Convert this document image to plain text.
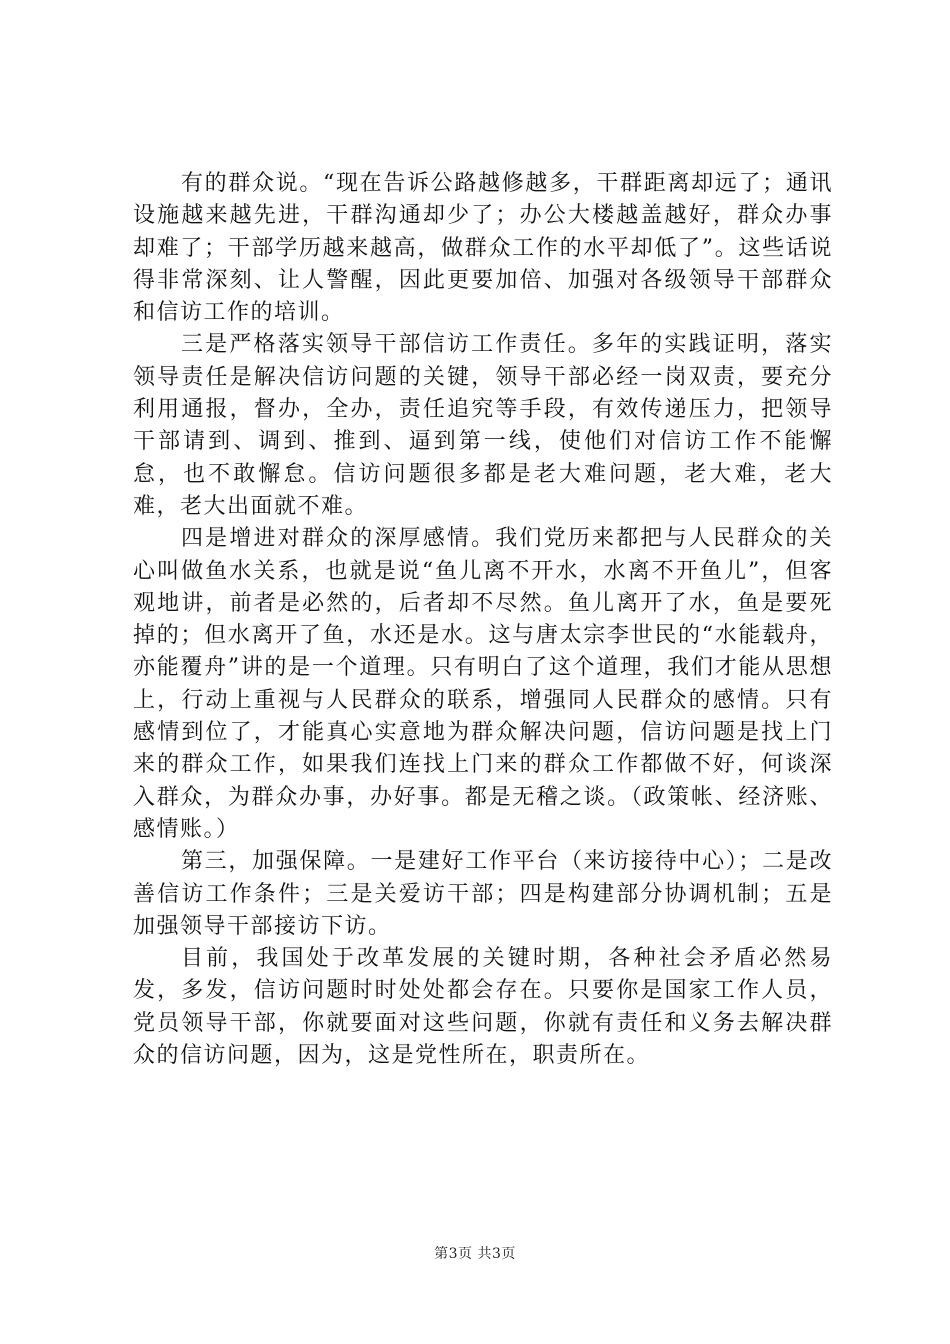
有的群众说。“现在告诉公路越修越多，干群距离却远了；通讯设施越来越先进，干群沟通却少了；办公大楼越盖越好，群众办事却难了；干部学历越来越高，做群众工作的水平却低了”。这些话说得非常深刻、让人警醒，因此更要加倍、加强对各级领导干部群众和信访工作的培训。

三是严格落实领导干部信访工作责任。多年的实践证明，落实领导责任是解决信访问题的关键，领导干部必经一岗双责，要充分利用通报，督办，全办，责任追究等手段，有效传递压力，把领导干部请到、调到、推到、逼到第一线，使他们对信访工作不能懈怠，也不敢懈怠。信访问题很多都是老大难问题，老大难，老大难，老大出面就不难。

四是增进对群众的深厚感情。我们党历来都把与人民群众的关心叫做鱼水关系，也就是说“鱼儿离不开水，水离不开鱼儿”，但客观地讲，前者是必然的，后者却不尽然。鱼儿离开了水，鱼是要死掉的；但水离开了鱼，水还是水。这与唐太宗李世民的“水能载舟，亦能覆舟”讲的是一个道理。只有明白了这个道理，我们才能从思想上，行动上重视与人民群众的联系，增强同人民群众的感情。只有感情到位了，才能真心实意地为群众解决问题，信访问题是找上门来的群众工作，如果我们连找上门来的群众工作都做不好，何谈深入群众，为群众办事，办好事。都是无稽之谈。（政策帐、经济账、感情账。）

第三，加强保障。一是建好工作平台（来访接待中心）；二是改善信访工作条件；三是关爱访干部；四是构建部分协调机制；五是加强领导干部接访下访。

目前，我国处于改革发展的关键时期，各种社会矛盾必然易发，多发，信访问题时时处处都会存在。只要你是国家工作人员，党员领导干部，你就要面对这些问题，你就有责任和义务去解决群众的信访问题，因为，这是党性所在，职责所在。

第3页 共3页
